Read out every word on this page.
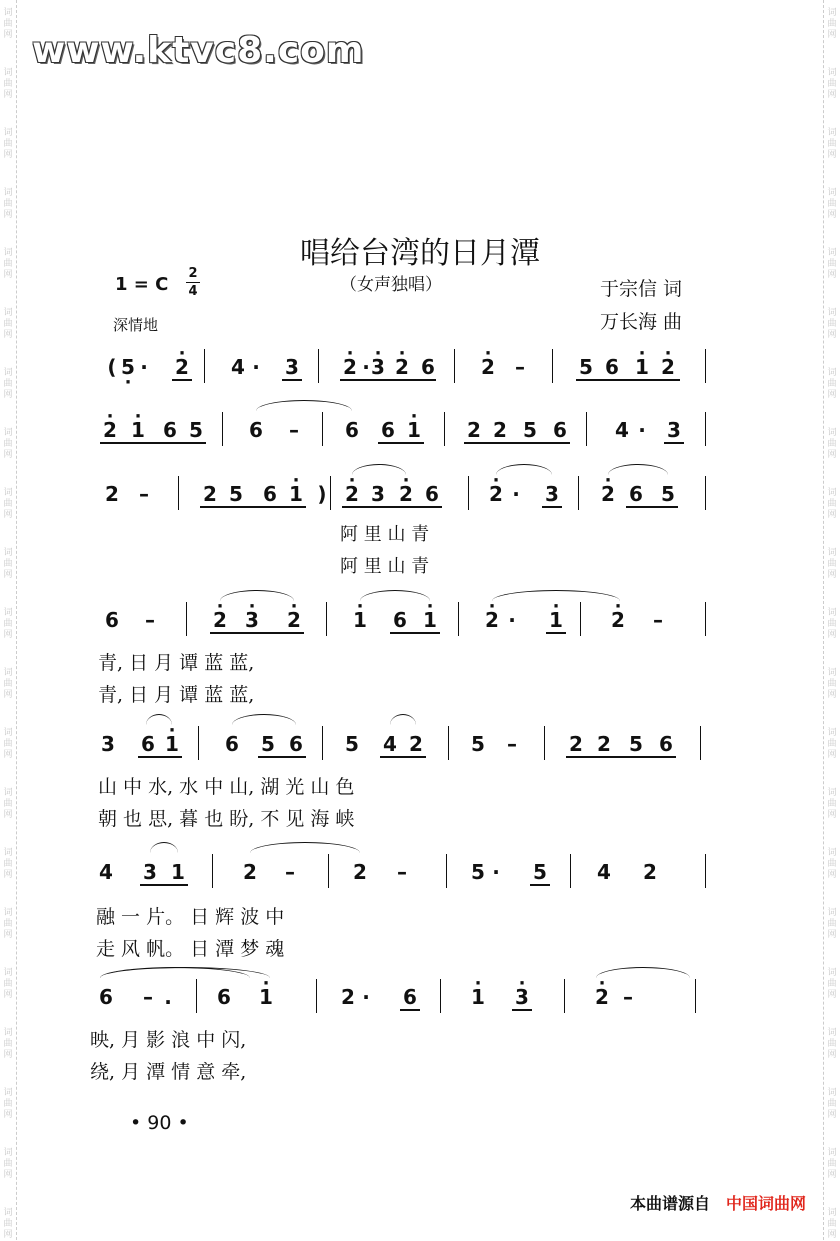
词
曲
网
词
曲
网
词
曲
网
词
曲
网
词
曲
网
词
曲
网
词
曲
网
词
曲
网
词
曲
网
词
曲
网
词
曲
网
词
曲
网
词
曲
网
词
曲
网
词
曲
网
词
曲
网
词
曲
网
词
曲
网
词
曲
网
词
曲
网
词
曲
网
词
曲
网
词
曲
网
词
曲
网
词
曲
网
词
曲
网
词
曲
网
词
曲
网
词
曲
网
词
曲
网
词
曲
网
词
曲
网
词
曲
网
词
曲
网
词
曲
网
词
曲
网
词
曲
网
词
曲
网
词
曲
网
词
曲
网
词
曲
网
词
曲
网
www.ktvc8.com
唱给台湾的日月潭
1 = C
2
4	（女声独唱）	于宗信 词
万长海 曲
深情地
( 5 · ·	· 2 4 ·	3 · 2 · · 3 · 2 6 · 2 –	5 6 · 1 · 2
· 2 · 1 6 5 6 – 6 6 · 1 2 2 5 6 4 ·	3
2 –	2 5 6 · 1 ) · 2 3 · 2 6	· 2 ·	3 · 2 6 5
6 –	· 2 · 3 · 2	· 1 6 · 1 · 2 ·	· 1 · 2 –
3 6 · 1 6 5 6 5 4 2 5 –	2 2 5 6
4 3 1	2 –	2 –	5 ·	5	4 2
6 – .	6 · 1	2 ·	6	· 1 · 3	· 2 –
阿 里 山 青
阿 里 山 青
青, 日 月 谭 蓝 蓝,
青, 日 月 谭 蓝 蓝,
山 中 水, 水 中 山, 湖 光 山 色
朝 也 思, 暮 也 盼, 不 见 海 峡
融 一 片。 日 辉 波 中
走 风 帆。 日 潭 梦 魂
映, 月 影 浪 中 闪,
绕, 月 潭 情 意 牵,
• 90 •
本曲谱源自 中国词曲网
